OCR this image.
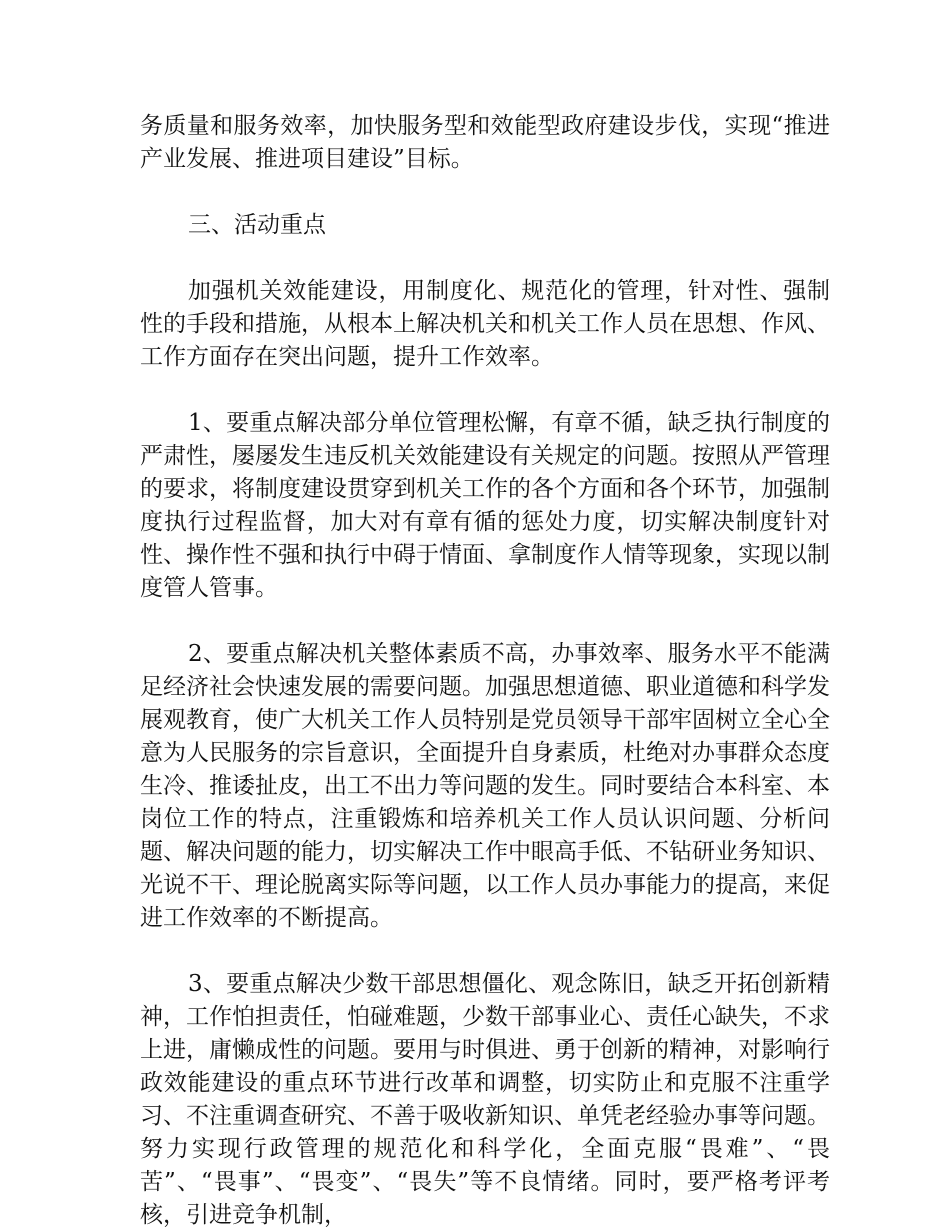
务质量和服务效率，加快服务型和效能型政府建设步伐，实现“推进产业发展、推进项目建设”目标。

三、活动重点

加强机关效能建设，用制度化、规范化的管理，针对性、强制性的手段和措施，从根本上解决机关和机关工作人员在思想、作风、工作方面存在突出问题，提升工作效率。

1、要重点解决部分单位管理松懈，有章不循，缺乏执行制度的严肃性，屡屡发生违反机关效能建设有关规定的问题。按照从严管理的要求，将制度建设贯穿到机关工作的各个方面和各个环节，加强制度执行过程监督，加大对有章有循的惩处力度，切实解决制度针对性、操作性不强和执行中碍于情面、拿制度作人情等现象，实现以制度管人管事。

2、要重点解决机关整体素质不高，办事效率、服务水平不能满足经济社会快速发展的需要问题。加强思想道德、职业道德和科学发展观教育，使广大机关工作人员特别是党员领导干部牢固树立全心全意为人民服务的宗旨意识，全面提升自身素质，杜绝对办事群众态度生冷、推诿扯皮，出工不出力等问题的发生。同时要结合本科室、本岗位工作的特点，注重锻炼和培养机关工作人员认识问题、分析问题、解决问题的能力，切实解决工作中眼高手低、不钻研业务知识、光说不干、理论脱离实际等问题，以工作人员办事能力的提高，来促进工作效率的不断提高。

3、要重点解决少数干部思想僵化、观念陈旧，缺乏开拓创新精神，工作怕担责任，怕碰难题，少数干部事业心、责任心缺失，不求上进，庸懒成性的问题。要用与时俱进、勇于创新的精神，对影响行政效能建设的重点环节进行改革和调整，切实防止和克服不注重学习、不注重调查研究、不善于吸收新知识、单凭老经验办事等问题。努力实现行政管理的规范化和科学化，全面克服“畏难”、“畏苦”、“畏事”、“畏变”、“畏失”等不良情绪。同时，要严格考评考核，引进竞争机制，
